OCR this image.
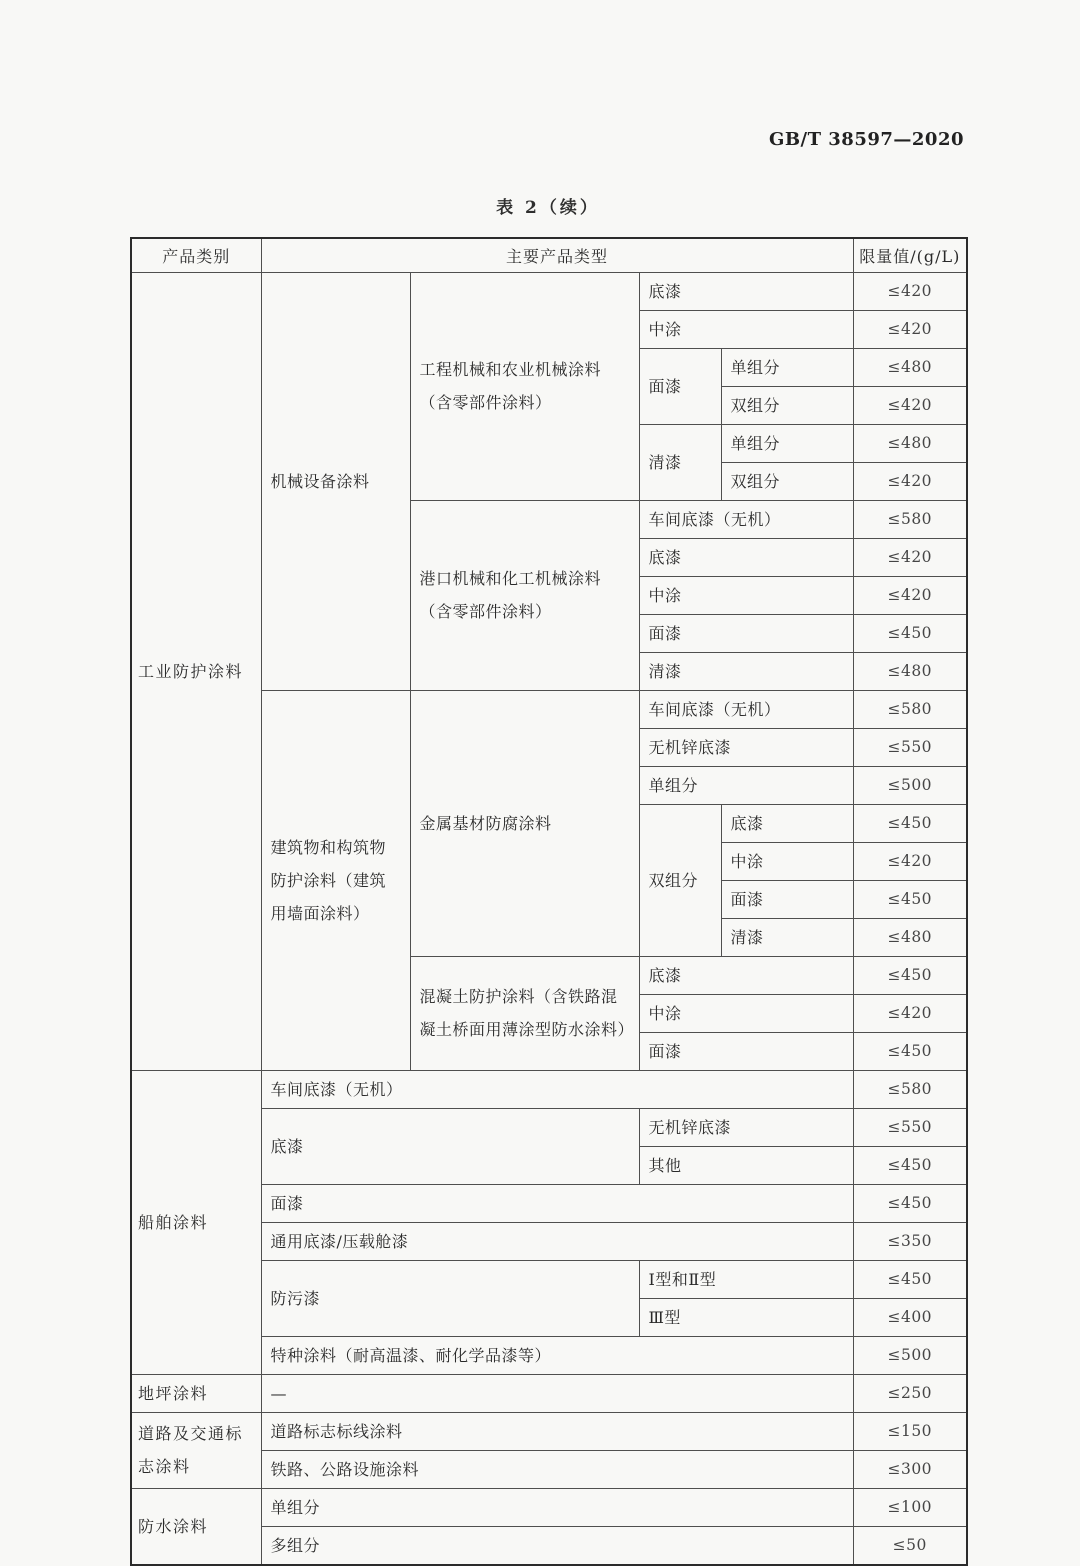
GB/T 38597—2020
表 2（续）
产品类别	主要产品类型				限量值/(g/L)
工业防护涂料	机械设备涂料	工程机械和农业机械涂料（含零部件涂料）	底漆		≤420
			中涂		≤420
			面漆	单组分	≤480
				双组分	≤420
			清漆	单组分	≤480
				双组分	≤420
		港口机械和化工机械涂料（含零部件涂料）	车间底漆（无机）		≤580
			底漆		≤420
			中涂		≤420
			面漆		≤450
			清漆		≤480
	建筑物和构筑物防护涂料（建筑用墙面涂料）	金属基材防腐涂料	车间底漆（无机）		≤580
			无机锌底漆		≤550
			单组分		≤500
			双组分	底漆	≤450
				中涂	≤420
				面漆	≤450
				清漆	≤480
		混凝土防护涂料（含铁路混凝土桥面用薄涂型防水涂料）	底漆		≤450
			中涂		≤420
			面漆		≤450
船舶涂料	车间底漆（无机）				≤580
	底漆		无机锌底漆		≤550
			其他		≤450
	面漆				≤450
	通用底漆/压载舱漆				≤350
	防污漆		Ⅰ型和Ⅱ型		≤450
			Ⅲ型		≤400
	特种涂料（耐高温漆、耐化学品漆等）				≤500
地坪涂料	—				≤250
道路及交通标志涂料	道路标志标线涂料				≤150
	铁路、公路设施涂料				≤300
防水涂料	单组分				≤100
	多组分				≤50
